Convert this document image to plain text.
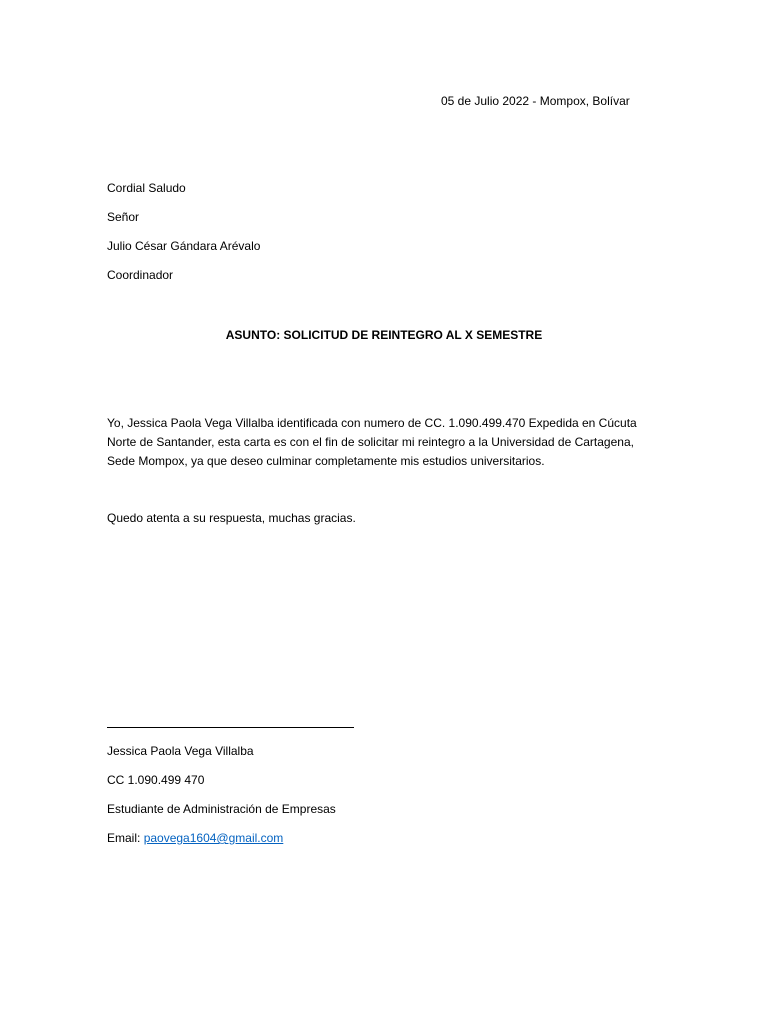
05 de Julio 2022 - Mompox, Bolívar
Cordial Saludo
Señor
Julio César Gándara Arévalo
Coordinador
ASUNTO: SOLICITUD DE REINTEGRO AL X SEMESTRE
Yo, Jessica Paola Vega Villalba identificada con numero de CC. 1.090.499.470 Expedida en Cúcuta
Norte de Santander, esta carta es con el fin de solicitar mi reintegro a la Universidad de Cartagena,
Sede Mompox, ya que deseo culminar completamente mis estudios universitarios.
Quedo atenta a su respuesta, muchas gracias.
Jessica Paola Vega Villalba
CC 1.090.499 470
Estudiante de Administración de Empresas
Email: paovega1604@gmail.com
